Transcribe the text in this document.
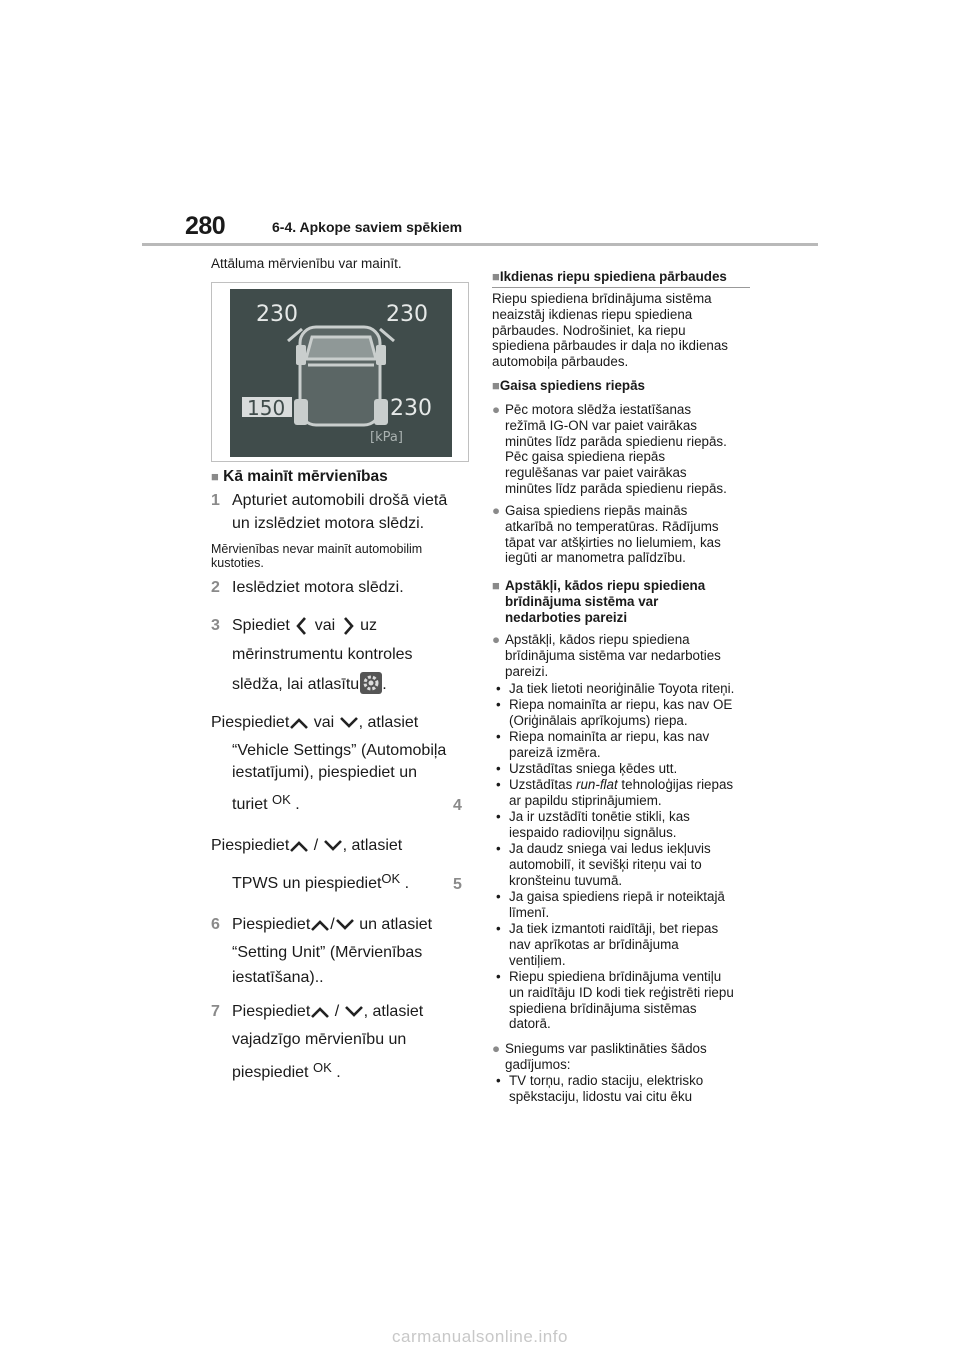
280	6-4. Apkope saviem spēkiem
Attāluma mērvienību var mainīt.
230	230
150	230
[kPa]
■ Kā mainīt mērvienības
1 Apturiet automobili drošā vietā
un izslēdziet motora slēdzi.
Mērvienības nevar mainīt automobilim
kustoties.
2 Ieslēdziet motora slēdzi.
3 Spiediet vai uz
mērinstrumentu kontroles
slēdža, lai atlasītu .
Piespiediet vai , atlasiet
“Vehicle Settings” (Automobiļa
iestatījumi), piespiediet un
turiet $^{OK}$ .	4
Piespiediet / , atlasiet
TPWS un piespiediet$^{OK}$ .	5
6 Piespiediet / un atlasiet
“Setting Unit” (Mērvienības
iestatīšana)..
7 Piespiediet / , atlasiet
vajadzīgo mērvienību un
piespiediet $^{OK}$ .
■Ikdienas riepu spiediena pārbaudes
Riepu spiediena brīdinājuma sistēma
neaizstāj ikdienas riepu spiediena
pārbaudes. Nodrošiniet, ka riepu
spiediena pārbaudes ir daļa no ikdienas
automobiļa pārbaudes.
■Gaisa spiediens riepās
● Pēc motora slēdža iestatīšanas
režīmā IG-ON var paiet vairākas
minūtes līdz parāda spiedienu riepās.
Pēc gaisa spiediena riepās
regulēšanas var paiet vairākas
minūtes līdz parāda spiedienu riepās.
● Gaisa spiediens riepās mainās
atkarībā no temperatūras. Rādījums
tāpat var atšķirties no lielumiem, kas
iegūti ar manometra palīdzību.
■ Apstākļi, kādos riepu spiediena
brīdinājuma sistēma var
nedarboties pareizi
● Apstākļi, kādos riepu spiediena
brīdinājuma sistēma var nedarboties
pareizi.
• Ja tiek lietoti neoriģinālie Toyota riteņi.
• Riepa nomainīta ar riepu, kas nav OE
(Oriģinālais aprīkojums) riepa.
• Riepa nomainīta ar riepu, kas nav
pareizā izmēra.
• Uzstādītas sniega ķēdes utt.
• Uzstādītas run-flat tehnoloģijas riepas
ar papildu stiprinājumiem.
• Ja ir uzstādīti tonētie stikli, kas
iespaido radioviļņu signālus.
• Ja daudz sniega vai ledus iekļuvis
automobilī, it sevišķi riteņu vai to
kronšteinu tuvumā.
• Ja gaisa spiediens riepā ir noteiktajā
līmenī.
• Ja tiek izmantoti raidītāji, bet riepas
nav aprīkotas ar brīdinājuma
ventiļiem.
• Riepu spiediena brīdinājuma ventiļu
un raidītāju ID kodi tiek reģistrēti riepu
spiediena brīdinājuma sistēmas
datorā.
● Sniegums var pasliktināties šādos
gadījumos:
• TV torņu, radio staciju, elektrisko
spēkstaciju, lidostu vai citu ēku
carmanualsonline.info
